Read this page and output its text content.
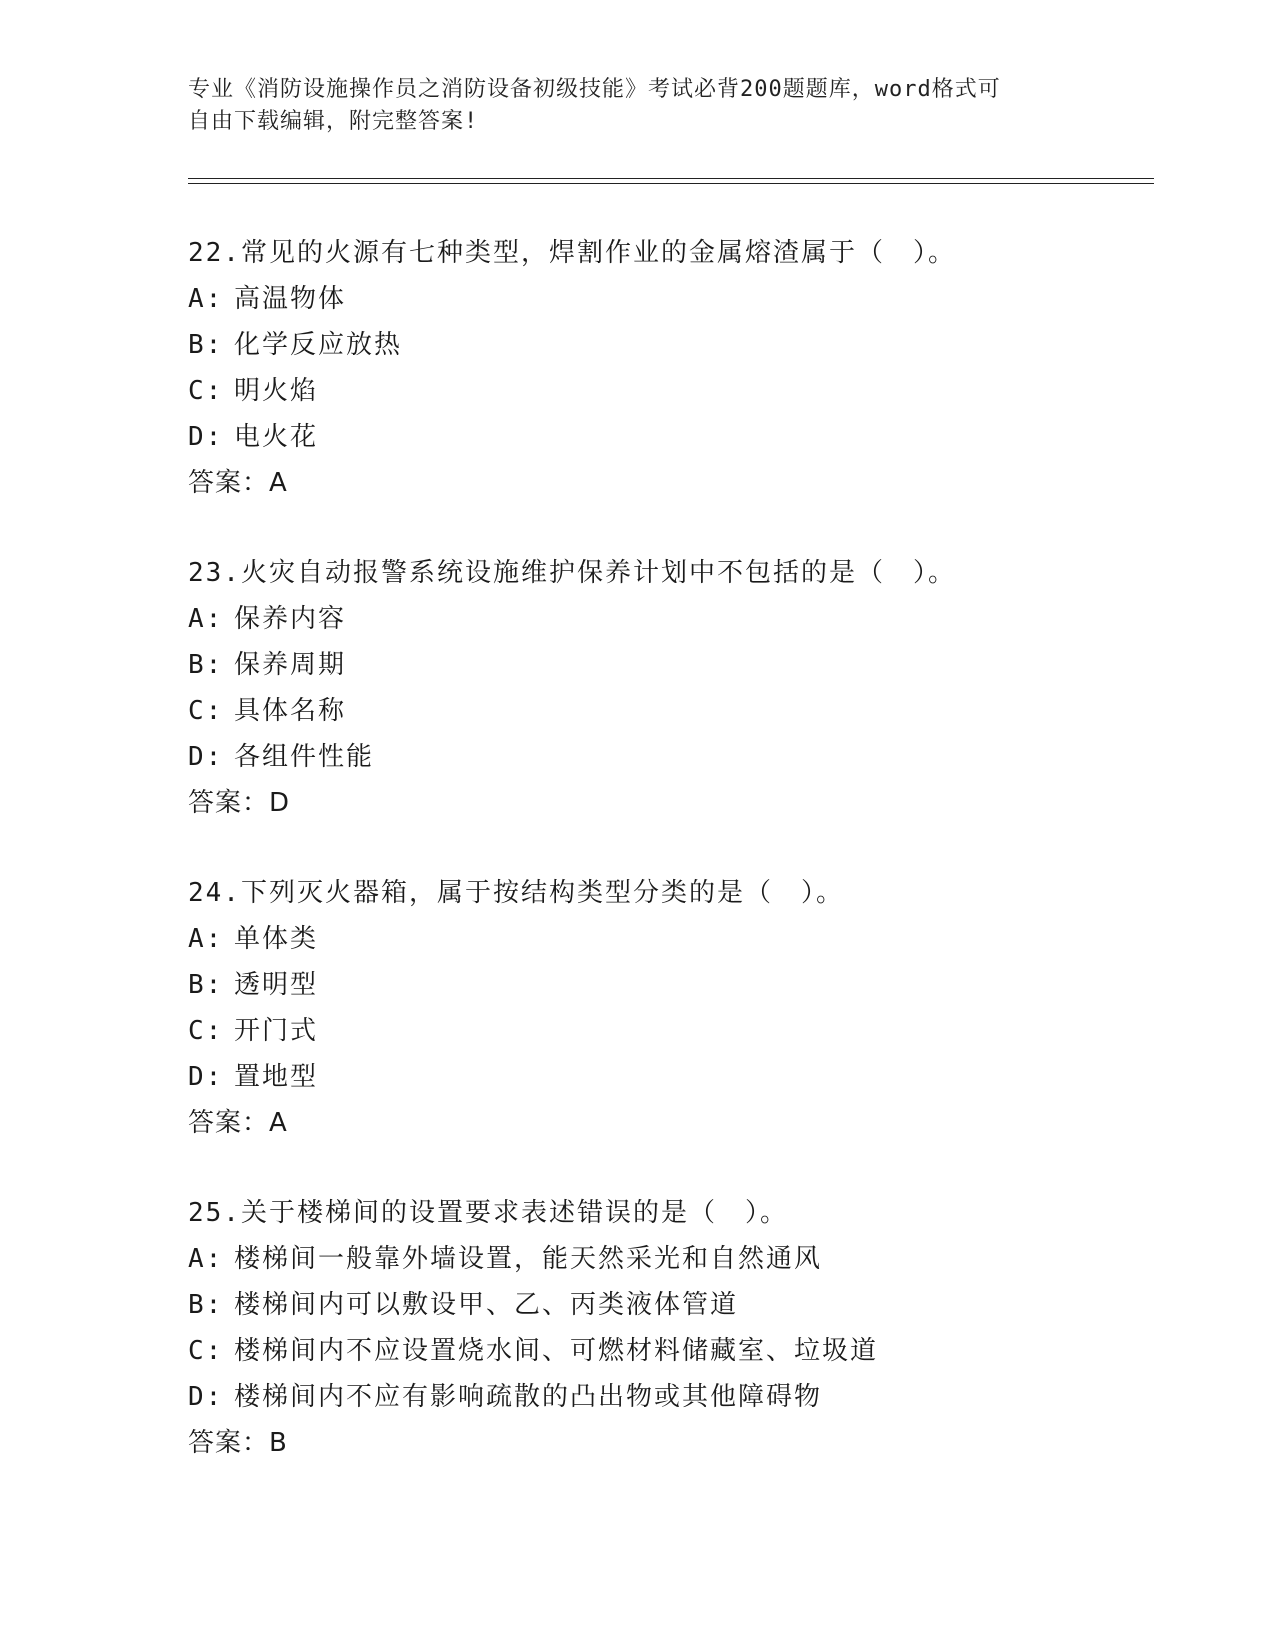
专业《消防设施操作员之消防设备初级技能》考试必背200题题库，word格式可
自由下载编辑，附完整答案!
22.常见的火源有七种类型，焊割作业的金属熔渣属于（　）。
A: 高温物体
B: 化学反应放热
C: 明火焰
D: 电火花
答案：A
23.火灾自动报警系统设施维护保养计划中不包括的是（　）。
A: 保养内容
B: 保养周期
C: 具体名称
D: 各组件性能
答案：D
24.下列灭火器箱，属于按结构类型分类的是（　）。
A: 单体类
B: 透明型
C: 开门式
D: 置地型
答案：A
25.关于楼梯间的设置要求表述错误的是（　）。
A: 楼梯间一般靠外墙设置，能天然采光和自然通风
B: 楼梯间内可以敷设甲、乙、丙类液体管道
C: 楼梯间内不应设置烧水间、可燃材料储藏室、垃圾道
D: 楼梯间内不应有影响疏散的凸出物或其他障碍物
答案：B
